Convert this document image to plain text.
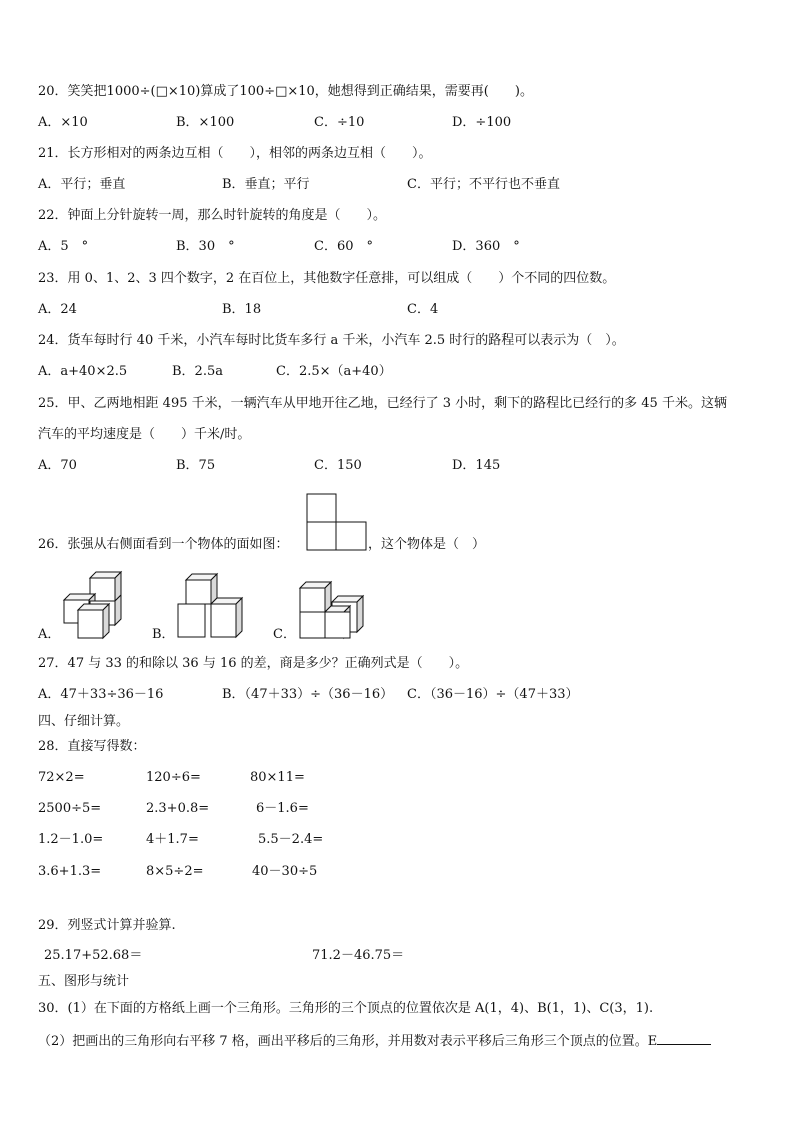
20．笑笑把1000÷(□×10)算成了100÷□×10，她想得到正确结果，需要再(　　)。
A．×10	B．×100	C．÷10	D．÷100
21．长方形相对的两条边互相（　　），相邻的两条边互相（　　）。
A．平行；垂直	B．垂直；平行	C．平行；不平行也不垂直
22．钟面上分针旋转一周，那么时针旋转的角度是（　　）。
A．5　°	B．30　°	C．60　°	D．360　°
23．用 0、1、2、3 四个数字，2 在百位上，其他数字任意排，可以组成（　　）个不同的四位数。
A．24	B．18	C．4
24．货车每时行 40 千米，小汽车每时比货车多行 a 千米，小汽车 2.5 时行的路程可以表示为（　）。
A．a+40×2.5	B．2.5a	C．2.5×（a+40）
25．甲、乙两地相距 495 千米，一辆汽车从甲地开往乙地，已经行了 3 小时，剩下的路程比已经行的多 45 千米。这辆
汽车的平均速度是（　　）千米/时。
A．70	B．75	C．150	D．145
26．张强从右侧面看到一个物体的面如图：	，这个物体是（　）
A．	B．	C．
27．47 与 33 的和除以 36 与 16 的差，商是多少？正确列式是（　　）。
A．47＋33÷36－16	B．（47＋33）÷（36－16） C．（36－16）÷（47＋33）
四、仔细计算。
28．直接写得数：
72×2=	120÷6=	80×11=
2500÷5=	2.3+0.8=	6－1.6=
1.2－1.0=	4＋1.7=	5.5－2.4=
3.6+1.3=	8×5÷2=	40－30÷5
29．列竖式计算并验算.
25.17+52.68＝	71.2－46.75＝
五、图形与统计
30．(1）在下面的方格纸上画一个三角形。三角形的三个顶点的位置依次是 A(1，4)、B(1，1)、C(3，1).
（2）把画出的三角形向右平移 7 格，画出平移后的三角形，并用数对表示平移后三角形三个顶点的位置。E
